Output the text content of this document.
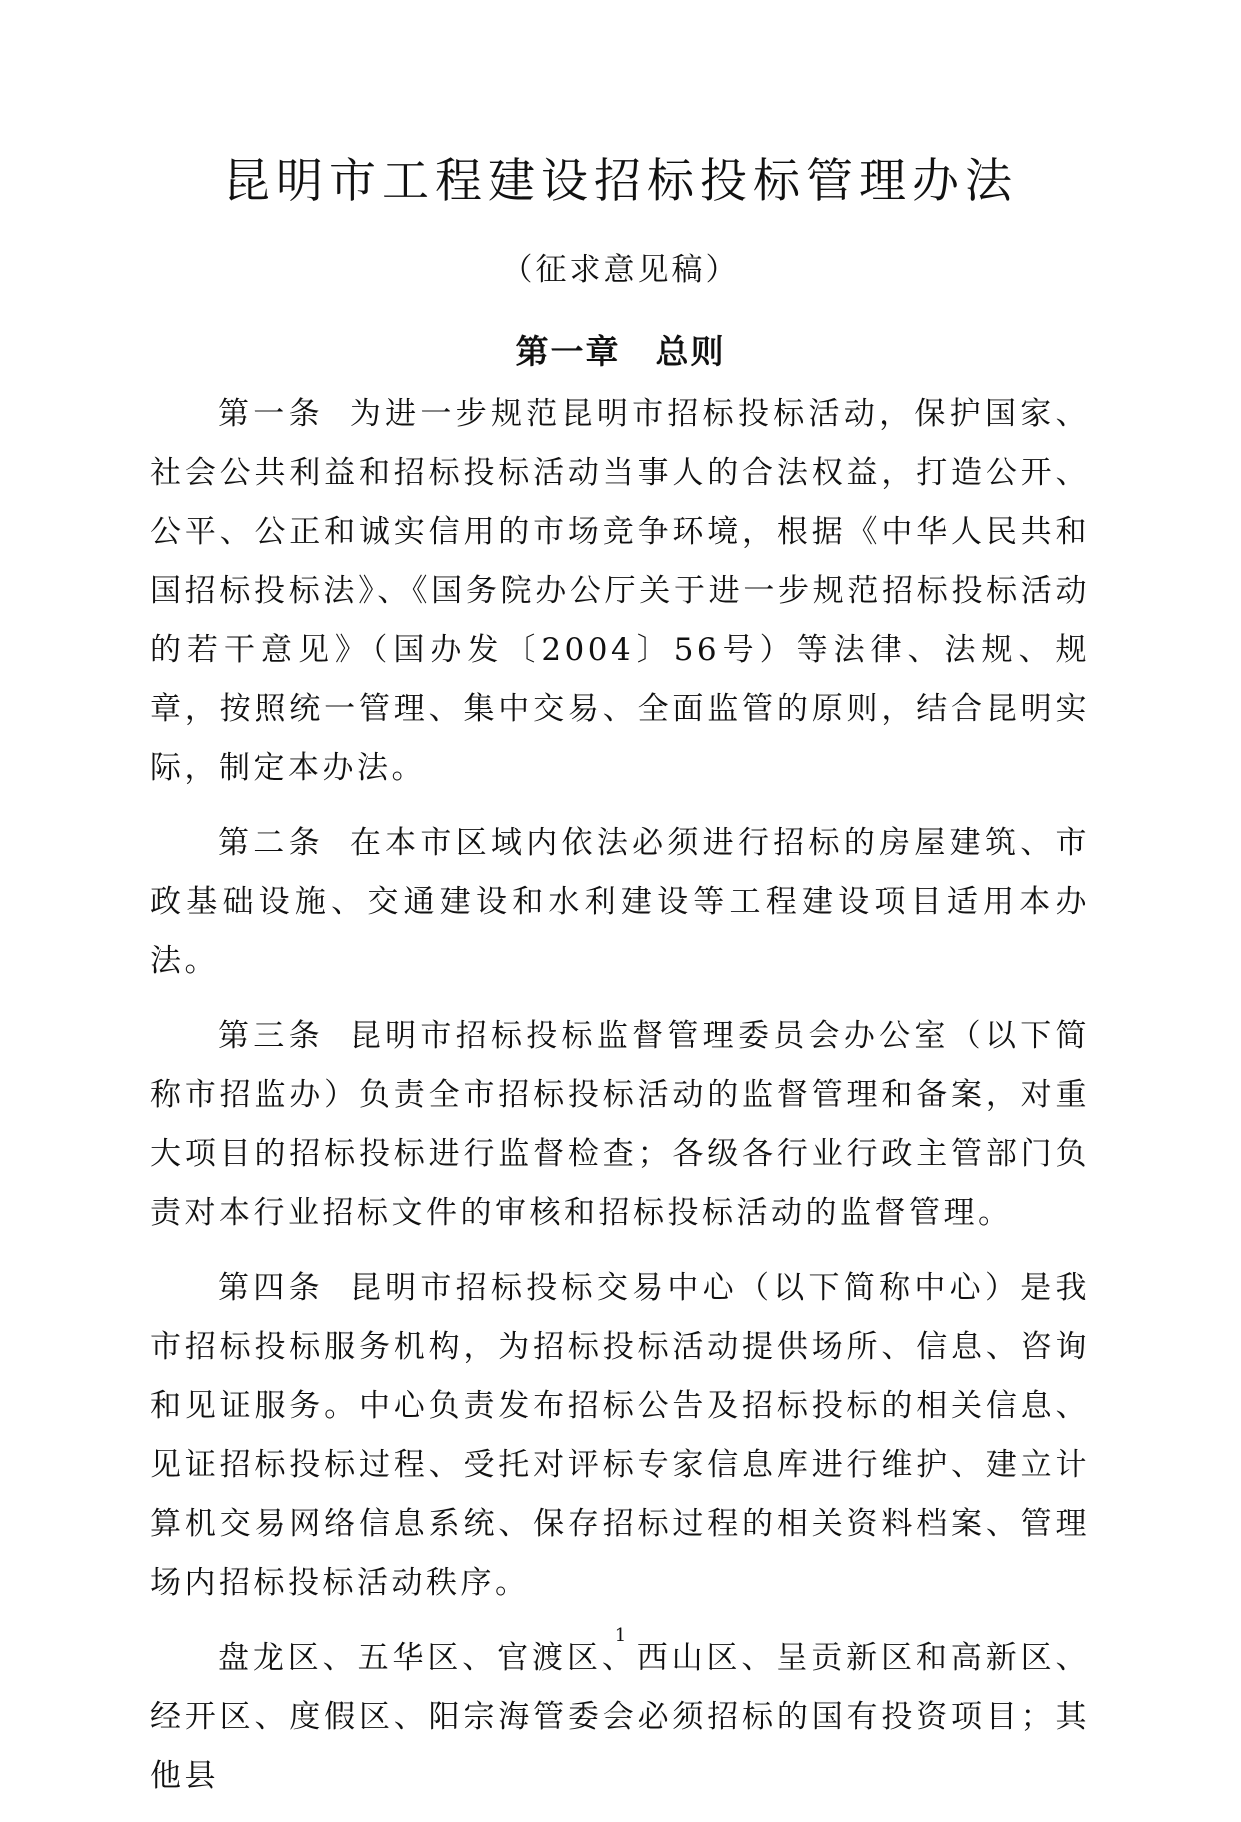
昆明市工程建设招标投标管理办法

（征求意见稿）

第一章　总则

第一条 为进一步规范昆明市招标投标活动，保护国家、社会公共利益和招标投标活动当事人的合法权益，打造公开、公平、公正和诚实信用的市场竞争环境，根据《中华人民共和国招标投标法》、《国务院办公厅关于进一步规范招标投标活动的若干意见》（国办发〔2004〕56号）等法律、法规、规章，按照统一管理、集中交易、全面监管的原则，结合昆明实际，制定本办法。

第二条 在本市区域内依法必须进行招标的房屋建筑、市政基础设施、交通建设和水利建设等工程建设项目适用本办法。

第三条 昆明市招标投标监督管理委员会办公室（以下简称市招监办）负责全市招标投标活动的监督管理和备案，对重大项目的招标投标进行监督检查；各级各行业行政主管部门负责对本行业招标文件的审核和招标投标活动的监督管理。

第四条 昆明市招标投标交易中心（以下简称中心）是我市招标投标服务机构，为招标投标活动提供场所、信息、咨询和见证服务。中心负责发布招标公告及招标投标的相关信息、见证招标投标过程、受托对评标专家信息库进行维护、建立计算机交易网络信息系统、保存招标过程的相关资料档案、管理场内招标投标活动秩序。

盘龙区、五华区、官渡区、西山区、呈贡新区和高新区、经开区、度假区、阳宗海管委会必须招标的国有投资项目；其他县

1
